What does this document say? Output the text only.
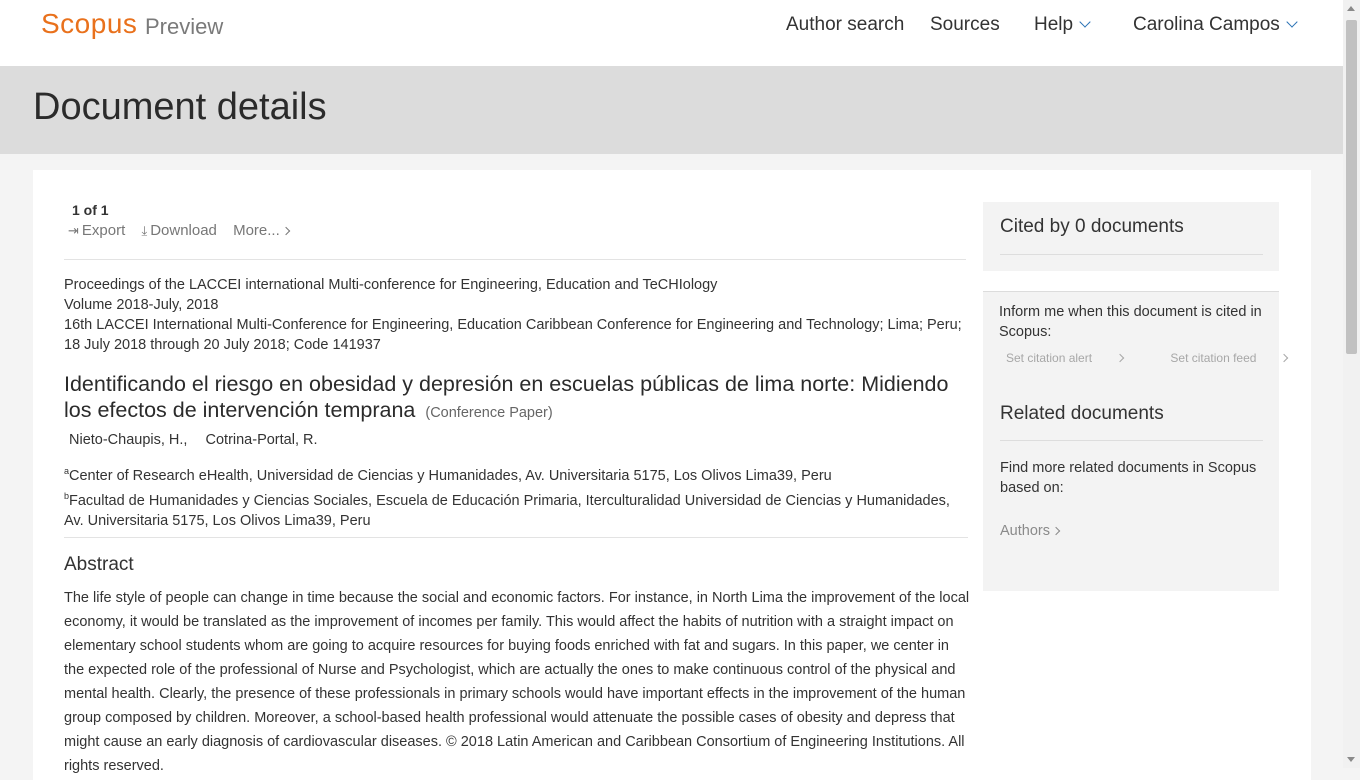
Scopus Preview	Author search Sources Help	Carolina Campos
Document details
1 of 1
⇥ Export ⤓ Download More...
Proceedings of the LACCEI international Multi-conference for Engineering, Education and TeCHIology
Volume 2018-July, 2018
16th LACCEI International Multi-Conference for Engineering, Education Caribbean Conference for Engineering and Technology; Lima; Peru; 18 July 2018 through 20 July 2018; Code 141937
Identificando el riesgo en obesidad y depresión en escuelas públicas de lima norte: Midiendo los efectos de intervención temprana (Conference Paper)
Nieto-Chaupis, H., Cotrina-Portal, R.
$^a$Center of Research eHealth, Universidad de Ciencias y Humanidades, Av. Universitaria 5175, Los Olivos Lima39, Peru
$^b$Facultad de Humanidades y Ciencias Sociales, Escuela de Educación Primaria, Iterculturalidad Universidad de Ciencias y Humanidades, Av. Universitaria 5175, Los Olivos Lima39, Peru
Abstract
The life style of people can change in time because the social and economic factors. For instance, in North Lima the improvement of the local economy, it would be translated as the improvement of incomes per family. This would affect the habits of nutrition with a straight impact on elementary school students whom are going to acquire resources for buying foods enriched with fat and sugars. In this paper, we center in the expected role of the professional of Nurse and Psychologist, which are actually the ones to make continuous control of the physical and mental health. Clearly, the presence of these professionals in primary schools would have important effects in the improvement of the human group composed by children. Moreover, a school-based health professional would attenuate the possible cases of obesity and depress that might cause an early diagnosis of cardiovascular diseases. © 2018 Latin American and Caribbean Consortium of Engineering Institutions. All rights reserved.
Cited by 0 documents
Inform me when this document is cited in Scopus:
Set citation alert	Set citation feed
Related documents
Find more related documents in Scopus based on:
Authors
